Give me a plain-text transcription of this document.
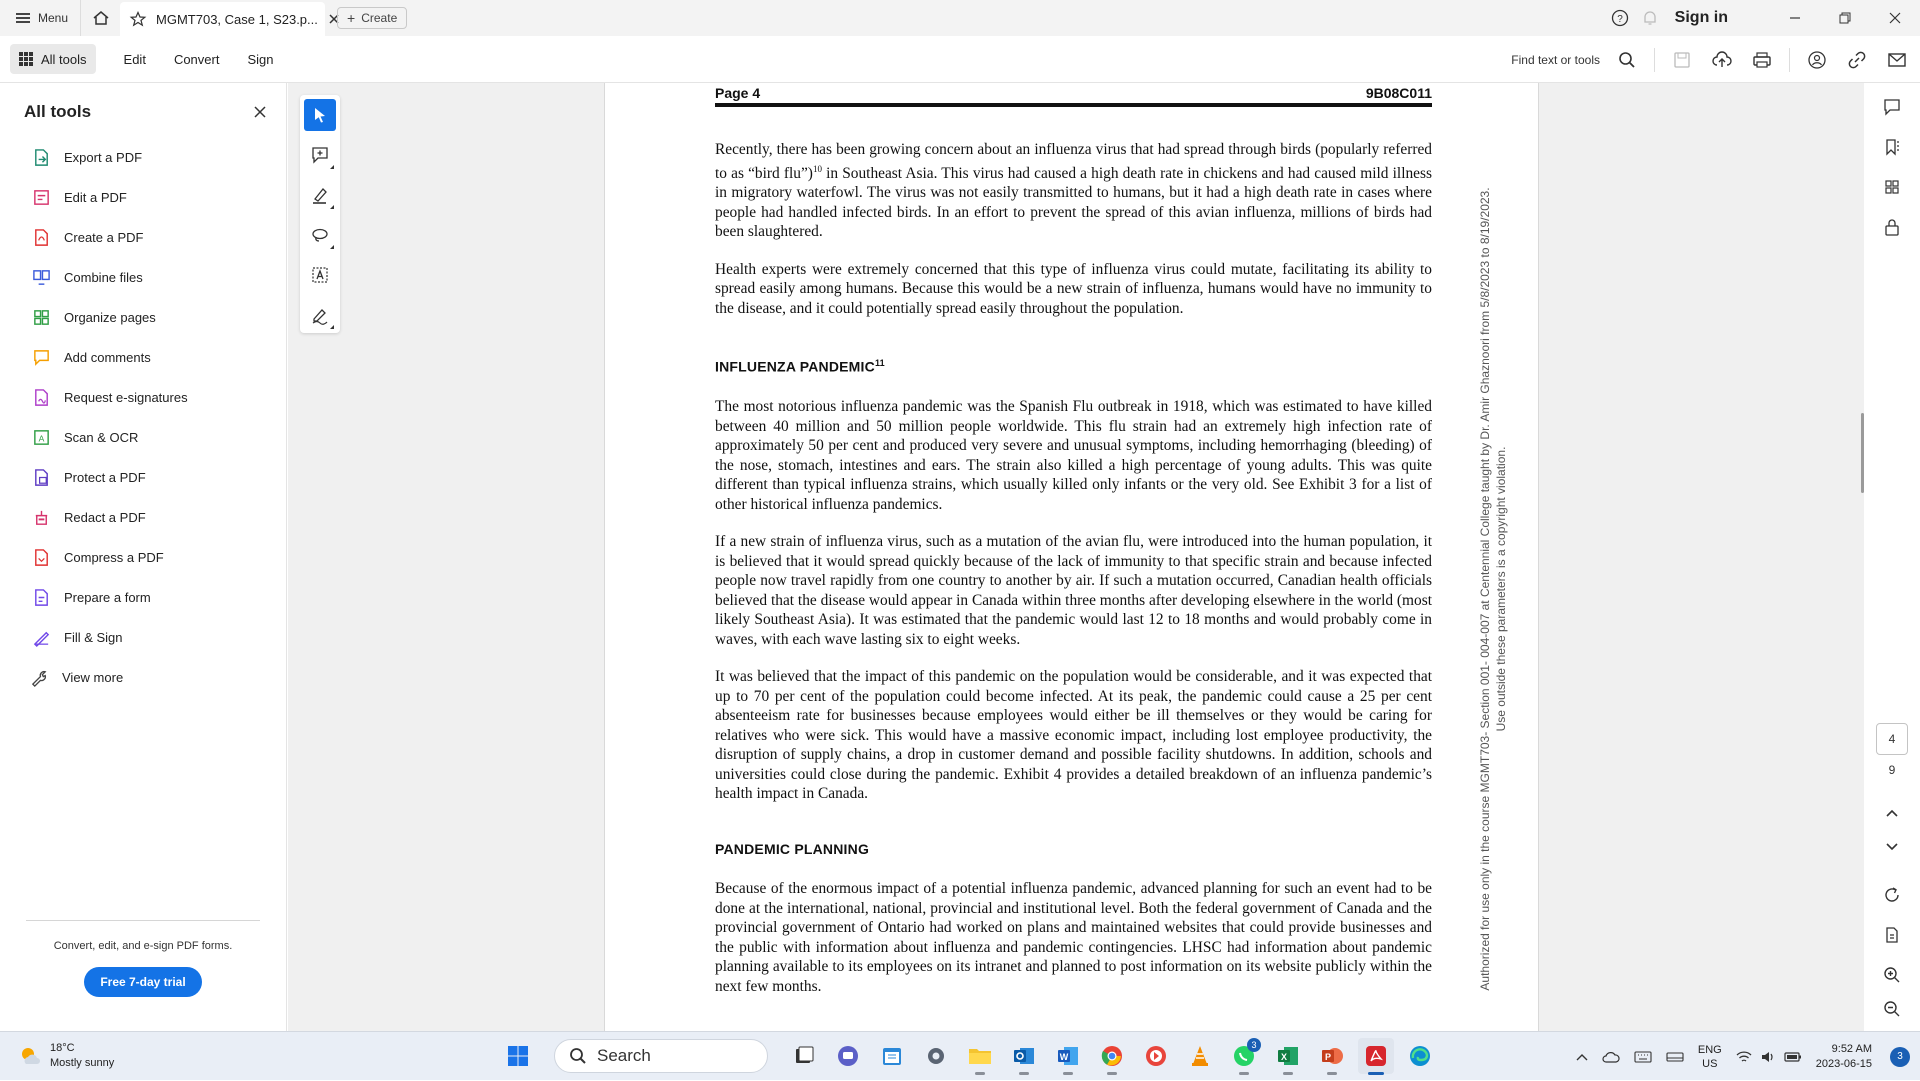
Menu	MGMT703, Case 1, S23.p... + Create	?	Sign in
All tools	Edit Convert Sign	Find text or tools
All tools
Export a PDF
Edit a PDF
Create a PDF
Combine files
Organize pages
Add comments
Request e-signatures
A Scan & OCR
Protect a PDF
Redact a PDF
Compress a PDF
Prepare a form
Fill & Sign
View more
Convert, edit, and e-sign PDF forms.
Free 7-day trial
Page 4	9B08C011

Recently, there has been growing concern about an influenza virus that had spread through birds (popularly referred to as “bird flu”)$^{10}$ in Southeast Asia. This virus had caused a high death rate in chickens and had caused mild illness in migratory waterfowl. The virus was not easily transmitted to humans, but it had a high death rate in cases where people had handled infected birds. In an effort to prevent the spread of this avian influenza, millions of birds had been slaughtered.

Health experts were extremely concerned that this type of influenza virus could mutate, facilitating its ability to spread easily among humans. Because this would be a new strain of influenza, humans would have no immunity to the disease, and it could potentially spread easily throughout the population.

INFLUENZA PANDEMIC$^{11}$

The most notorious influenza pandemic was the Spanish Flu outbreak in 1918, which was estimated to have killed between 40 million and 50 million people worldwide. This flu strain had an extremely high infection rate of approximately 50 per cent and produced very severe and unusual symptoms, including hemorrhaging (bleeding) of the nose, stomach, intestines and ears. The strain also killed a high percentage of young adults. This was quite different than typical influenza strains, which usually killed only infants or the very old. See Exhibit 3 for a list of other historical influenza pandemics.

If a new strain of influenza virus, such as a mutation of the avian flu, were introduced into the human population, it is believed that it would spread quickly because of the lack of immunity to that specific strain and because infected people now travel rapidly from one country to another by air. If such a mutation occurred, Canadian health officials believed that the disease would appear in Canada within three months after developing elsewhere in the world (most likely Southeast Asia). It was estimated that the pandemic would last 12 to 18 months and would probably come in waves, with each wave lasting six to eight weeks.

It was believed that the impact of this pandemic on the population would be considerable, and it was expected that up to 70 per cent of the population could become infected. At its peak, the pandemic could cause a 25 per cent absenteeism rate for businesses because employees would either be ill themselves or they would be caring for relatives who were sick. This would have a massive economic impact, including lost employee productivity, the disruption of supply chains, a drop in customer demand and possible facility shutdowns. In addition, schools and universities could close during the pandemic. Exhibit 4 provides a detailed breakdown of an influenza pandemic’s health impact in Canada.

PANDEMIC PLANNING

Because of the enormous impact of a potential influenza pandemic, advanced planning for such an event had to be done at the international, national, provincial and institutional level. Both the federal government of Canada and the provincial government of Ontario had worked on plans and maintained websites that could provide businesses and the public with information about influenza and pandemic contingencies. LHSC had information about pandemic planning available to its employees on its intranet and planned to post information on its website publicly within the next few months.	Authorized for use only in the course MGMT703- Section 001- 004-007 at Centennial College taught by Dr. Amir Ghaznoori from 5/8/2023 to 8/19/2023. Use outside these parameters is a copyright violation.
4
9
18°C
Mostly sunny	Search	W
3
X	P
ENG
US
9:52 AM
2023-06-15
3
